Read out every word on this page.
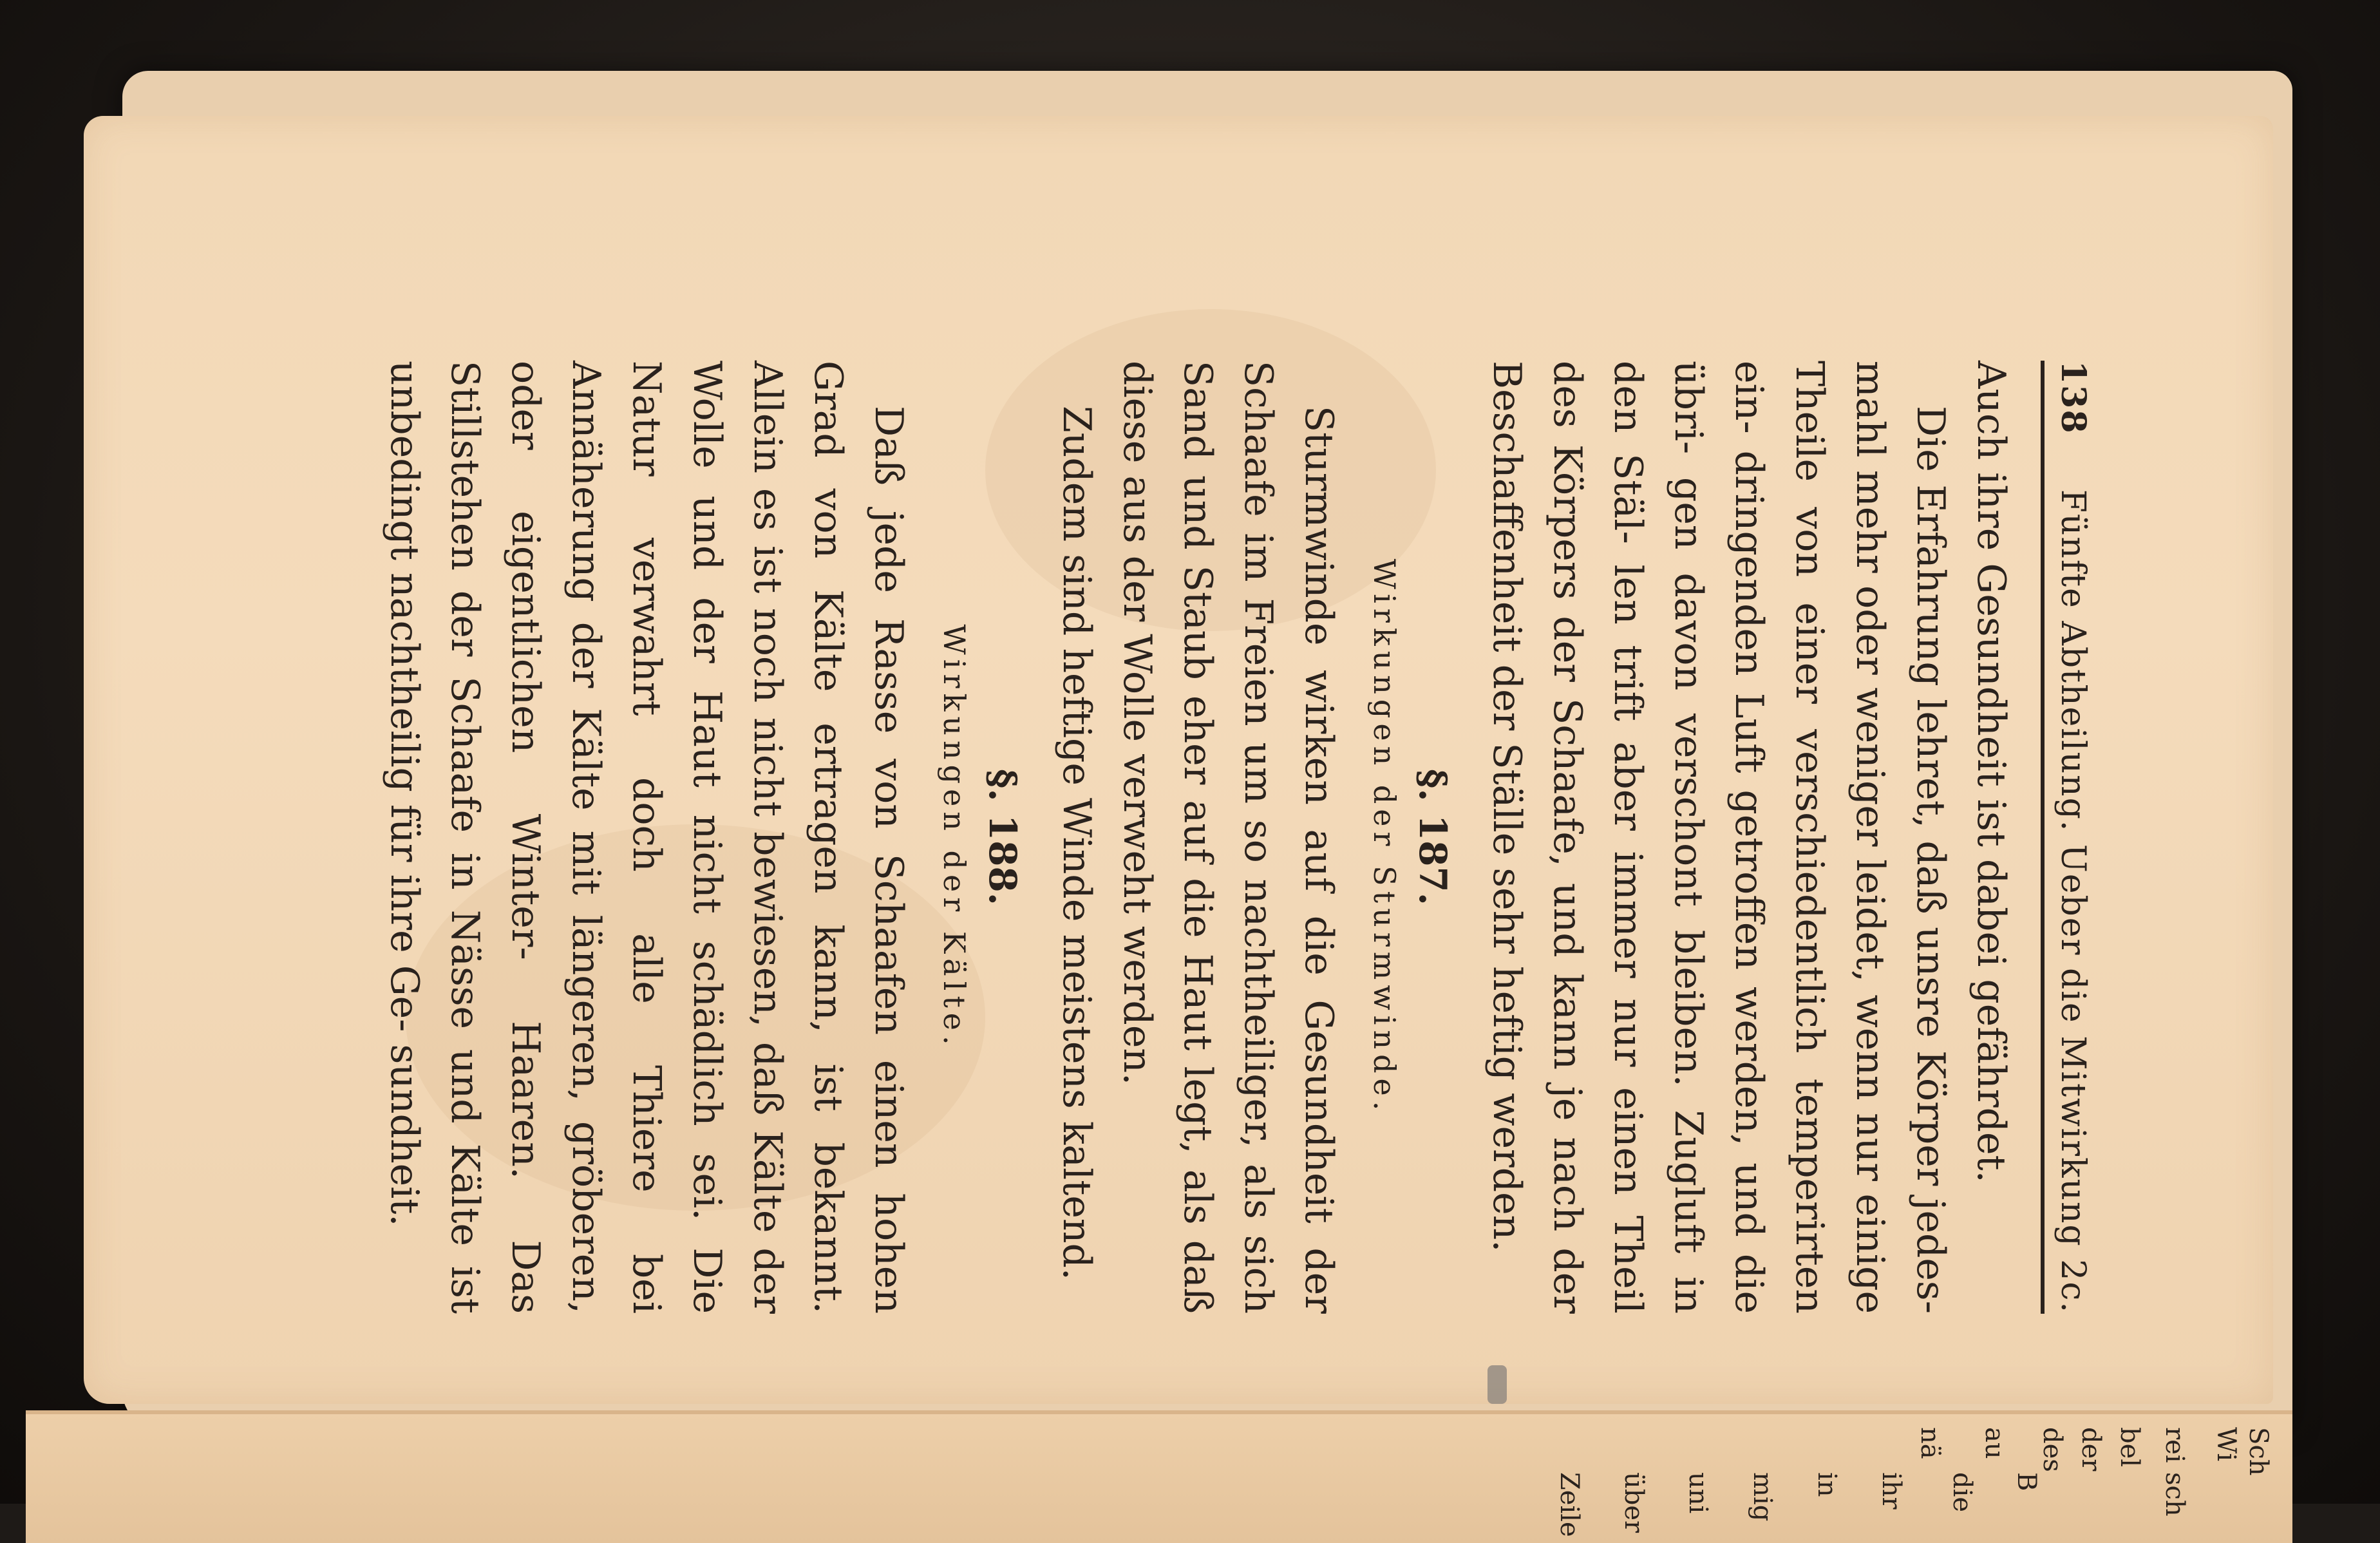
138
Fünfte Abtheilung. Ueber die Mitwirkung 2c.

Auch ihre Gesundheit ist dabei gefährdet.

Die Erfahrung lehret, daß unsre Körper jedes- mahl mehr oder weniger leidet, wenn nur einige Theile von einer verschiedentlich temperirten ein- dringenden Luft getroffen werden, und die übri- gen davon verschont bleiben. Zugluft in den Stäl- len trift aber immer nur einen Theil des Körpers der Schaafe, und kann je nach der Beschaffenheit der Ställe sehr heftig werden.

§. 187.
Wirkungen der Sturmwinde.

Sturmwinde wirken auf die Gesundheit der Schaafe im Freien um so nachtheiliger, als sich Sand und Staub eher auf die Haut legt, als daß diese aus der Wolle verweht werden.

Zudem sind heftige Winde meistens kaltend.

§. 188.
Wirkungen der Kälte.

Daß jede Rasse von Schaafen einen hohen Grad von Kälte ertragen kann, ist bekannt. Allein es ist noch nicht bewiesen, daß Kälte der Wolle und der Haut nicht schädlich sei. Die Natur verwahrt doch alle Thiere bei Annäherung der Kälte mit längeren, gröberen, oder eigentlichen Winter- Haaren. Das Stillstehen der Schaafe in Nässe und Kälte ist unbedingt nachtheilig für ihre Ge- sundheit.

Sch
Wi
bel
der
des
au
nä	rei
sch
B
die
ihr
in
mig
uni
über
Zeile
